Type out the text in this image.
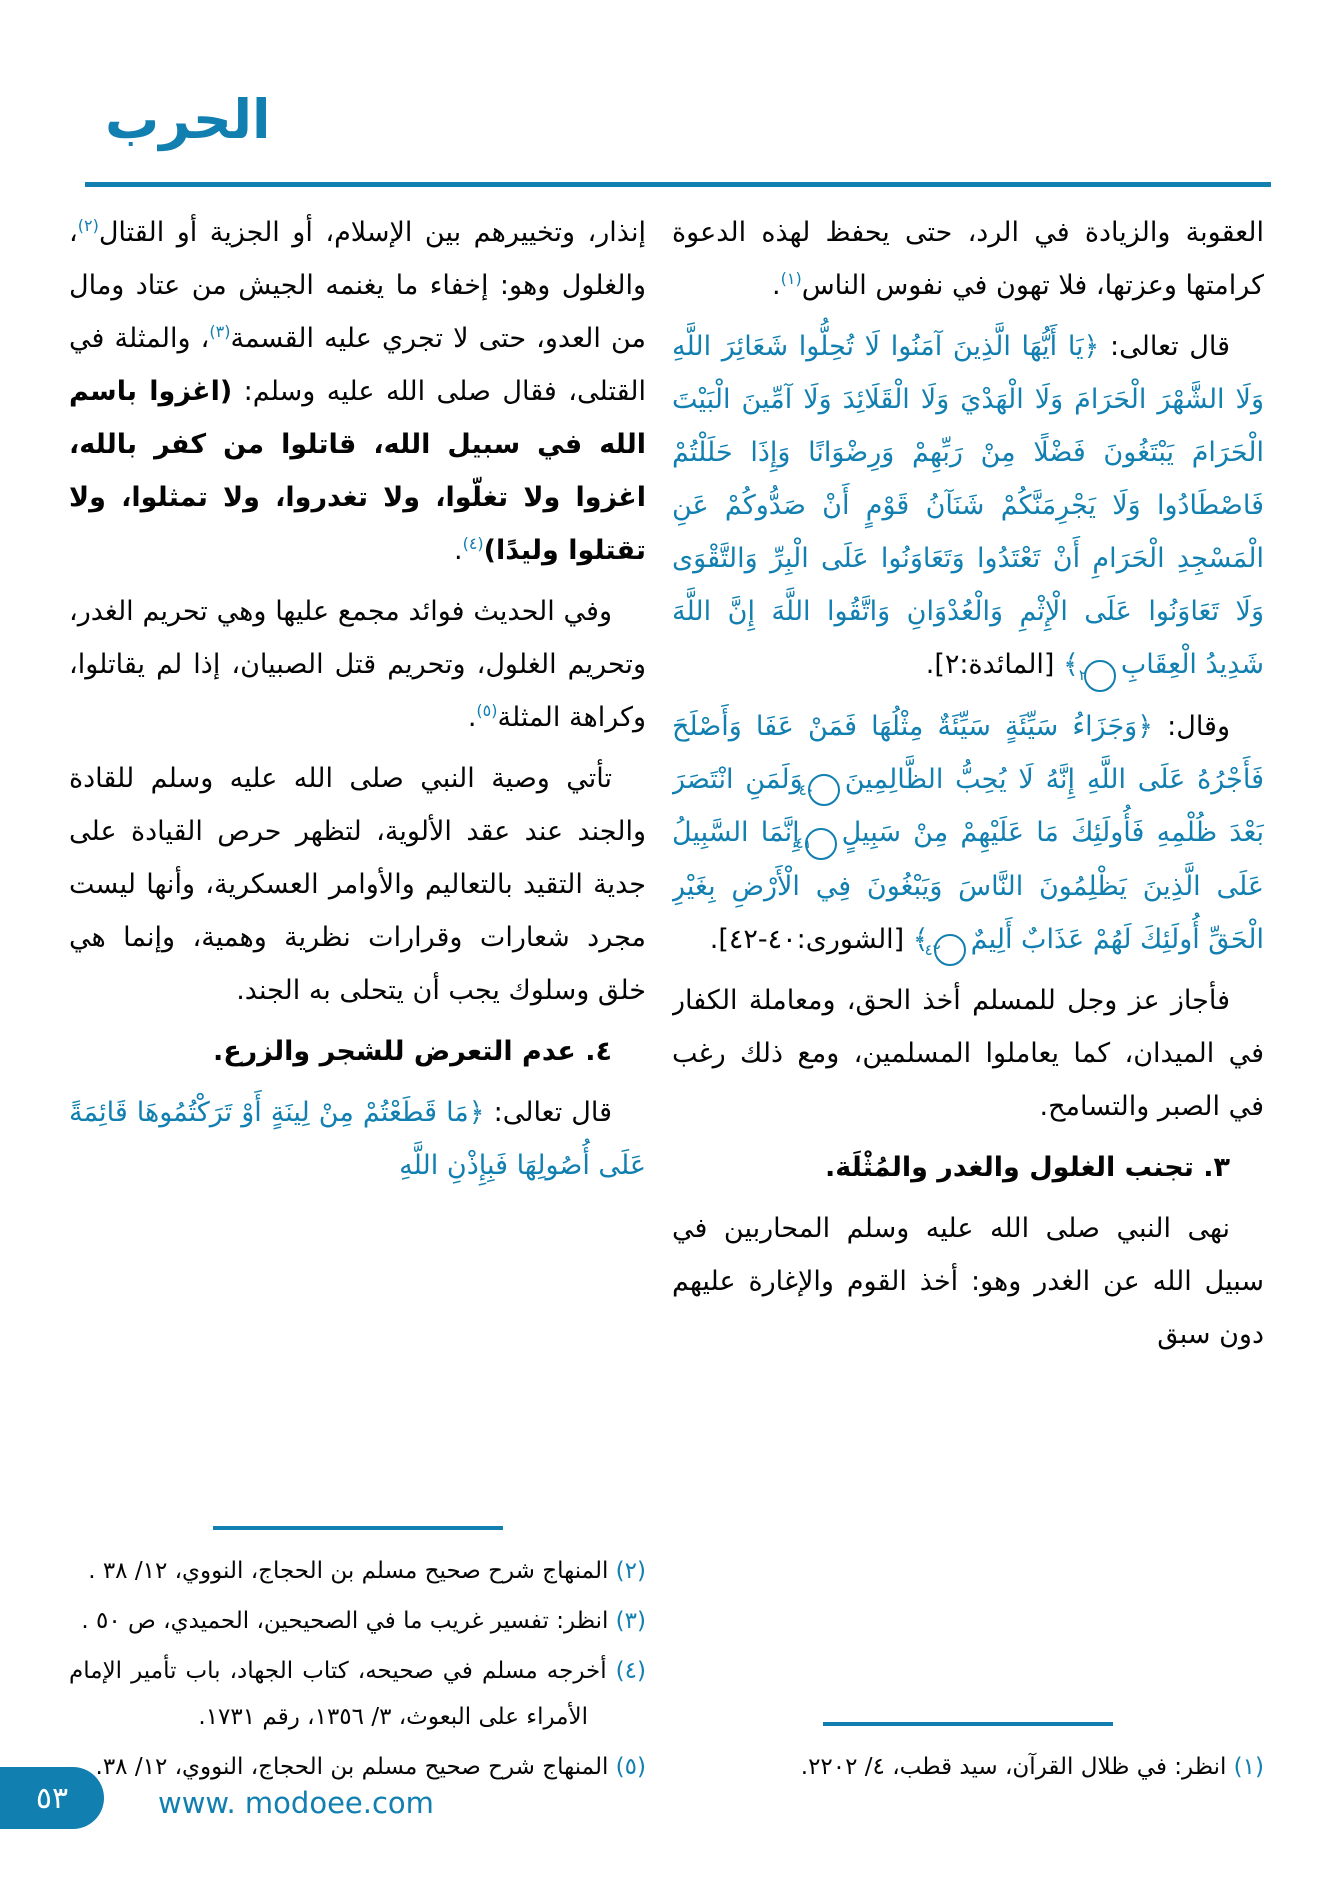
الحرب

العقوبة والزيادة في الرد، حتى يحفظ لهذه الدعوة كرامتها وعزتها، فلا تهون في نفوس الناس$^{(١)}$.

قال تعالى: ﴿يَا أَيُّهَا الَّذِينَ آمَنُوا لَا تُحِلُّوا شَعَائِرَ اللَّهِ وَلَا الشَّهْرَ الْحَرَامَ وَلَا الْهَدْيَ وَلَا الْقَلَائِدَ وَلَا آمِّينَ الْبَيْتَ الْحَرَامَ يَبْتَغُونَ فَضْلًا مِنْ رَبِّهِمْ وَرِضْوَانًا وَإِذَا حَلَلْتُمْ فَاصْطَادُوا وَلَا يَجْرِمَنَّكُمْ شَنَآنُ قَوْمٍ أَنْ صَدُّوكُمْ عَنِ الْمَسْجِدِ الْحَرَامِ أَنْ تَعْتَدُوا وَتَعَاوَنُوا عَلَى الْبِرِّ وَالتَّقْوَى وَلَا تَعَاوَنُوا عَلَى الْإِثْمِ وَالْعُدْوَانِ وَاتَّقُوا اللَّهَ إِنَّ اللَّهَ شَدِيدُ الْعِقَابِ٢﴾ [المائدة:٢].

وقال: ﴿وَجَزَاءُ سَيِّئَةٍ سَيِّئَةٌ مِثْلُهَا فَمَنْ عَفَا وَأَصْلَحَ فَأَجْرُهُ عَلَى اللَّهِ إِنَّهُ لَا يُحِبُّ الظَّالِمِينَ٤٠وَلَمَنِ انْتَصَرَ بَعْدَ ظُلْمِهِ فَأُولَئِكَ مَا عَلَيْهِمْ مِنْ سَبِيلٍ٤١إِنَّمَا السَّبِيلُ عَلَى الَّذِينَ يَظْلِمُونَ النَّاسَ وَيَبْغُونَ فِي الْأَرْضِ بِغَيْرِ الْحَقِّ أُولَئِكَ لَهُمْ عَذَابٌ أَلِيمٌ٤٢﴾ [الشورى:٤٠-٤٢].

فأجاز عز وجل للمسلم أخذ الحق، ومعاملة الكفار في الميدان، كما يعاملوا المسلمين، ومع ذلك رغب في الصبر والتسامح.

٣. تجنب الغلول والغدر والمُثْلَة.

نهى النبي صلى الله عليه وسلم المحاربين في سبيل الله عن الغدر وهو: أخذ القوم والإغارة عليهم دون سبق

(١) انظر: في ظلال القرآن، سيد قطب، ٤/ ٢٢٠٢.

إنذار، وتخييرهم بين الإسلام، أو الجزية أو القتال$^{(٢)}$، والغلول وهو: إخفاء ما يغنمه الجيش من عتاد ومال من العدو، حتى لا تجري عليه القسمة$^{(٣)}$، والمثلة في القتلى، فقال صلى الله عليه وسلم: (اغزوا باسم الله في سبيل الله، قاتلوا من كفر بالله، اغزوا ولا تغلّوا، ولا تغدروا، ولا تمثلوا، ولا تقتلوا وليدًا)$^{(٤)}$.

وفي الحديث فوائد مجمع عليها وهي تحريم الغدر، وتحريم الغلول، وتحريم قتل الصبيان، إذا لم يقاتلوا، وكراهة المثلة$^{(٥)}$.

تأتي وصية النبي صلى الله عليه وسلم للقادة والجند عند عقد الألوية، لتظهر حرص القيادة على جدية التقيد بالتعاليم والأوامر العسكرية، وأنها ليست مجرد شعارات وقرارات نظرية وهمية، وإنما هي خلق وسلوك يجب أن يتحلى به الجند.

٤. عدم التعرض للشجر والزرع.

قال تعالى: ﴿مَا قَطَعْتُمْ مِنْ لِينَةٍ أَوْ تَرَكْتُمُوهَا قَائِمَةً عَلَى أُصُولِهَا فَبِإِذْنِ اللَّهِ

(٢) المنهاج شرح صحيح مسلم بن الحجاج، النووي، ١٢/ ٣٨ .
(٣) انظر: تفسير غريب ما في الصحيحين، الحميدي، ص ٥٠ .
(٤) أخرجه مسلم في صحيحه، كتاب الجهاد، باب تأمير الإمام الأمراء على البعوث، ٣/ ١٣٥٦، رقم ١٧٣١.
(٥) المنهاج شرح صحيح مسلم بن الحجاج، النووي، ١٢/ ٣٨.
٥٣	www. modoee.com
